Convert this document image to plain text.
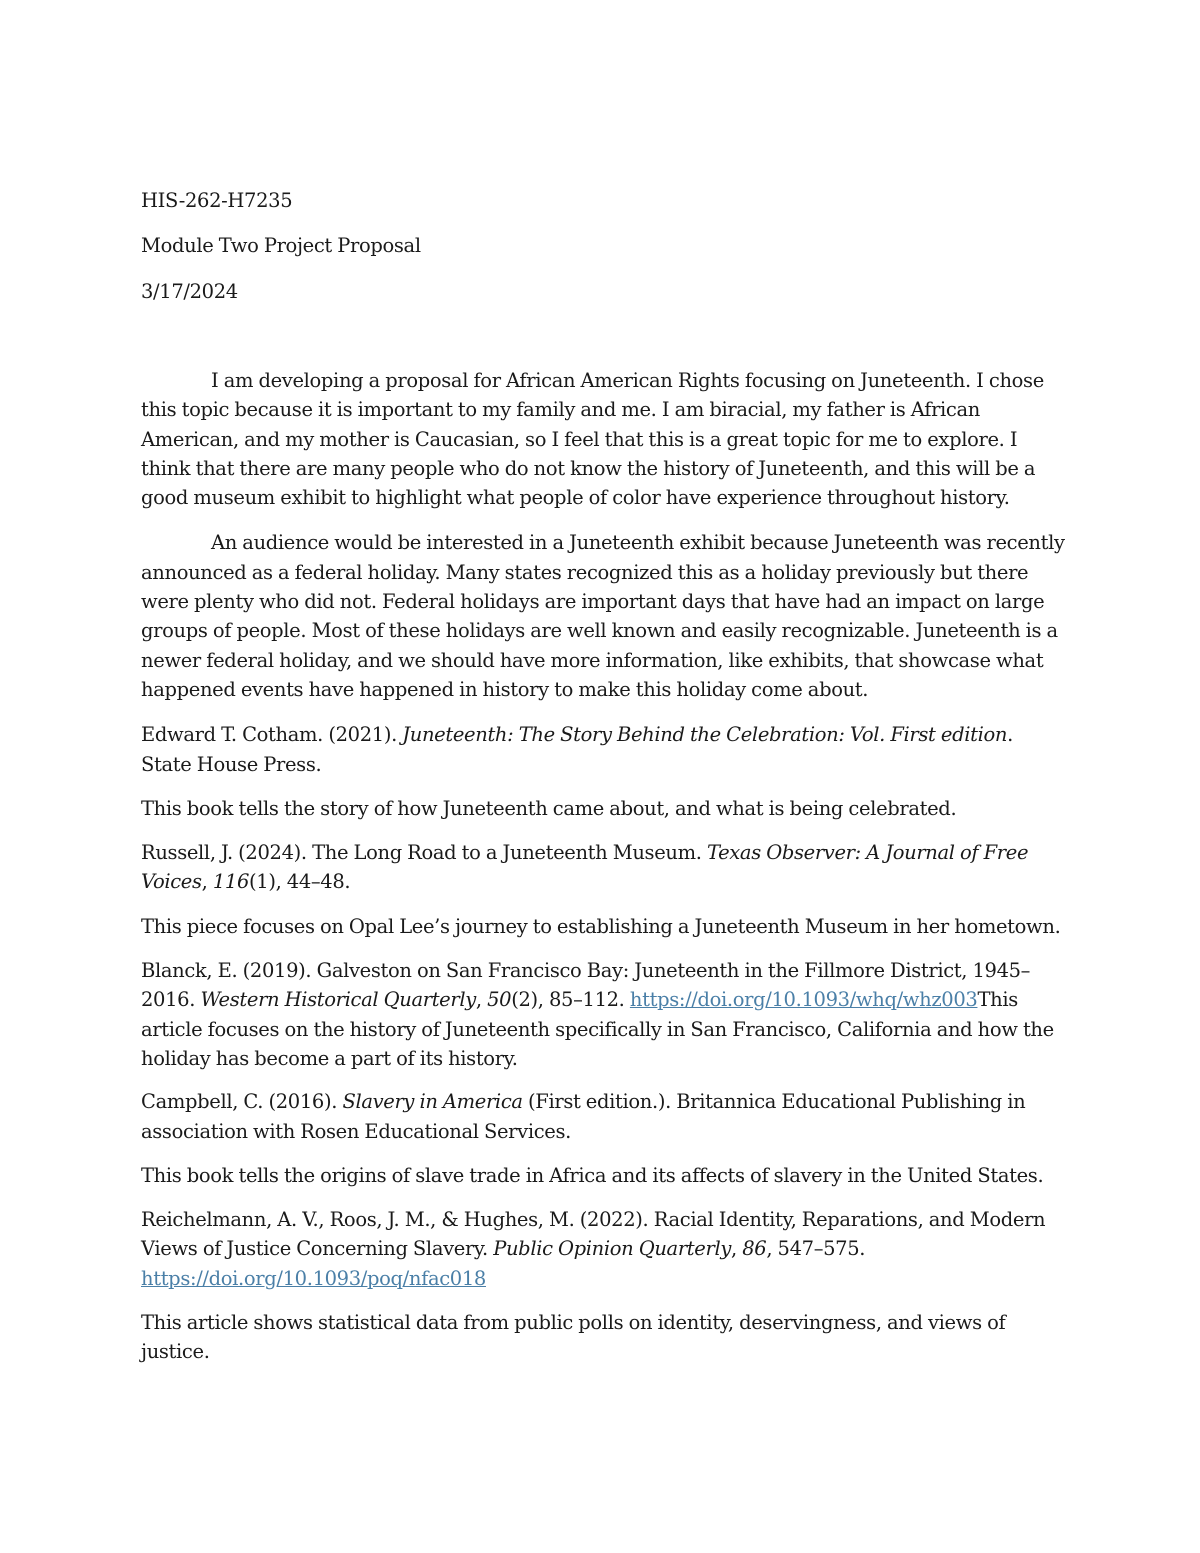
HIS-262-H7235
Module Two Project Proposal
3/17/2024

I am developing a proposal for African American Rights focusing on Juneteenth. I chose this topic because it is important to my family and me. I am biracial, my father is African American, and my mother is Caucasian, so I feel that this is a great topic for me to explore. I think that there are many people who do not know the history of Juneteenth, and this will be a good museum exhibit to highlight what people of color have experience throughout history.

An audience would be interested in a Juneteenth exhibit because Juneteenth was recently announced as a federal holiday. Many states recognized this as a holiday previously but there were plenty who did not. Federal holidays are important days that have had an impact on large groups of people. Most of these holidays are well known and easily recognizable. Juneteenth is a newer federal holiday, and we should have more information, like exhibits, that showcase what happened events have happened in history to make this holiday come about.

Edward T. Cotham. (2021). Juneteenth: The Story Behind the Celebration: Vol. First edition. State House Press.

This book tells the story of how Juneteenth came about, and what is being celebrated.

Russell, J. (2024). The Long Road to a Juneteenth Museum. Texas Observer: A Journal of Free Voices, 116(1), 44–48.

This piece focuses on Opal Lee’s journey to establishing a Juneteenth Museum in her hometown.

Blanck, E. (2019). Galveston on San Francisco Bay: Juneteenth in the Fillmore District, 1945–2016. Western Historical Quarterly, 50(2), 85–112. https://doi.org/10.1093/whq/whz003This article focuses on the history of Juneteenth specifically in San Francisco, California and how the holiday has become a part of its history.

Campbell, C. (2016). Slavery in America (First edition.). Britannica Educational Publishing in association with Rosen Educational Services.

This book tells the origins of slave trade in Africa and its affects of slavery in the United States.

Reichelmann, A. V., Roos, J. M., & Hughes, M. (2022). Racial Identity, Reparations, and Modern Views of Justice Concerning Slavery. Public Opinion Quarterly, 86, 547–575. https://doi.org/10.1093/poq/nfac018

This article shows statistical data from public polls on identity, deservingness, and views of justice.
